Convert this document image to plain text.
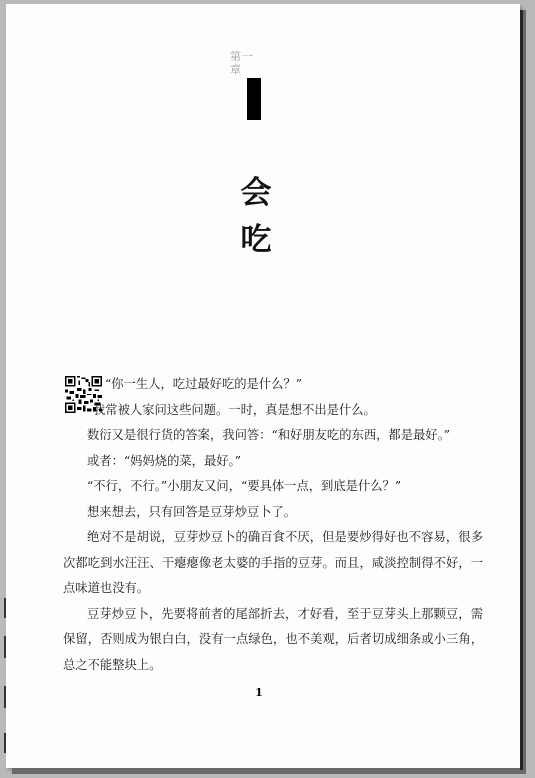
第一章
会
吃

“你一生人，吃过最好吃的是什么？”

我常被人家问这些问题。一时，真是想不出是什么。

数衍又是很行货的答案，我问答：“和好朋友吃的东西，都是最好。”

或者：“妈妈烧的菜，最好。”

“不行，不行。”小朋友又问，“要具体一点，到底是什么？”

想来想去，只有回答是豆芽炒豆卜了。

绝对不是胡说，豆芽炒豆卜的确百食不厌，但是要炒得好也不容易，很多次都吃到水汪汪、干瘪瘪像老太婆的手指的豆芽。而且，咸淡控制得不好，一点味道也没有。

豆芽炒豆卜，先要将前者的尾部折去，才好看，至于豆芽头上那颗豆，需保留，否则成为银白白，没有一点绿色，也不美观，后者切成细条或小三角，总之不能整块上。

1
